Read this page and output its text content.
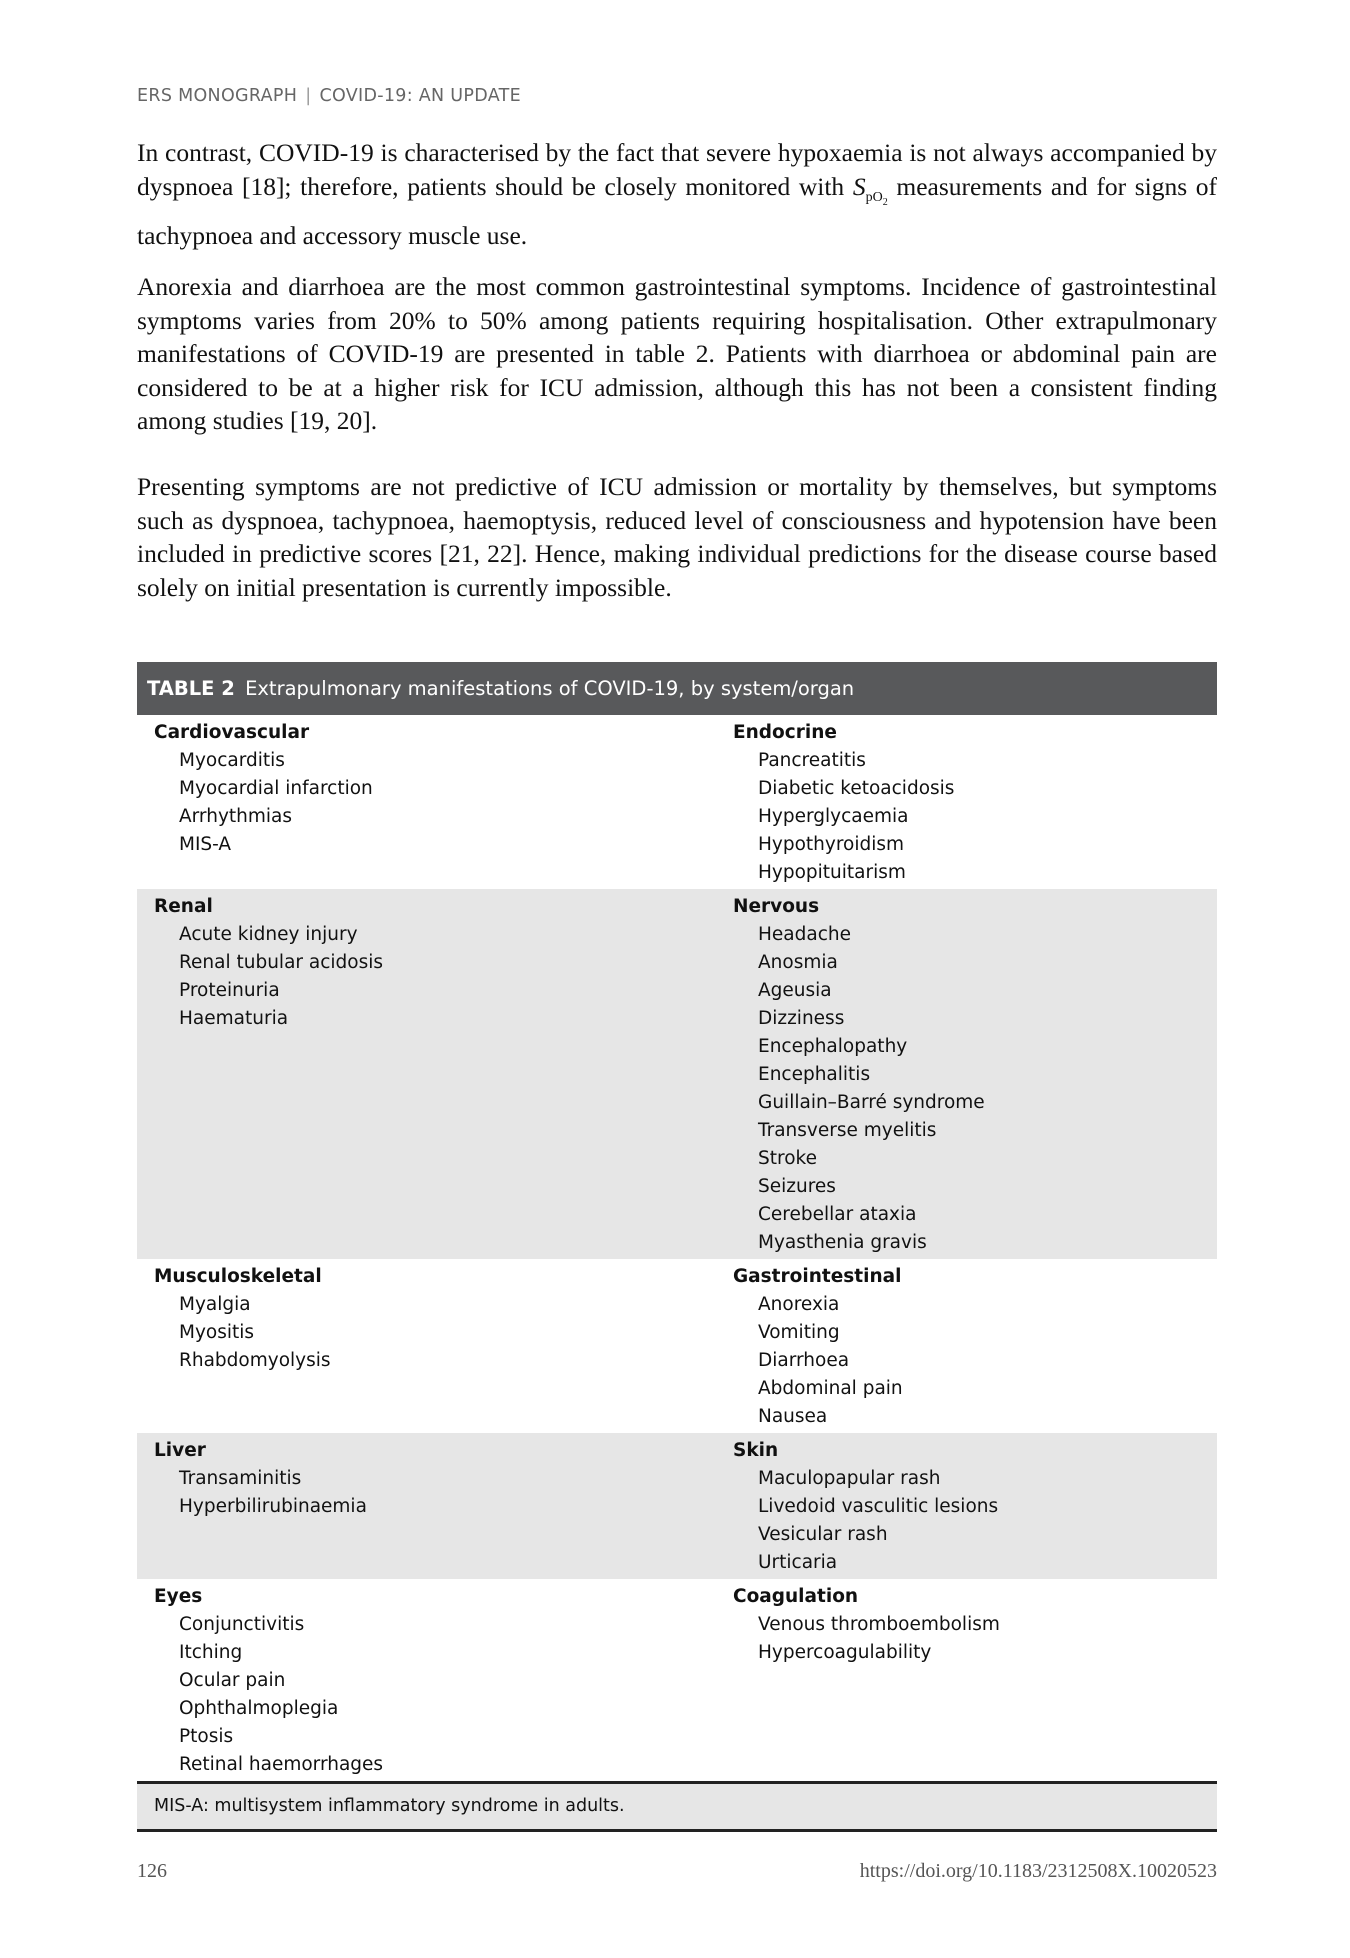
ERS MONOGRAPH | COVID-19: AN UPDATE
In contrast, COVID-19 is characterised by the fact that severe hypoxaemia is not always accompanied by dyspnoea [18]; therefore, patients should be closely monitored with $S_{pO_2}$ measurements and for signs of tachypnoea and accessory muscle use.
Anorexia and diarrhoea are the most common gastrointestinal symptoms. Incidence of gastrointestinal symptoms varies from 20% to 50% among patients requiring hospitalisation. Other extrapulmonary manifestations of COVID-19 are presented in table 2. Patients with diarrhoea or abdominal pain are considered to be at a higher risk for ICU admission, although this has not been a consistent finding among studies [19, 20].
Presenting symptoms are not predictive of ICU admission or mortality by themselves, but symptoms such as dyspnoea, tachypnoea, haemoptysis, reduced level of consciousness and hypotension have been included in predictive scores [21, 22]. Hence, making individual predictions for the disease course based solely on initial presentation is currently impossible.
TABLE 2 Extrapulmonary manifestations of COVID-19, by system/organ
Cardiovascular
Myocarditis
Myocardial infarction
Arrhythmias
MIS-A
Endocrine
Pancreatitis
Diabetic ketoacidosis
Hyperglycaemia
Hypothyroidism
Hypopituitarism
Renal
Acute kidney injury
Renal tubular acidosis
Proteinuria
Haematuria
Nervous
Headache
Anosmia
Ageusia
Dizziness
Encephalopathy
Encephalitis
Guillain–Barré syndrome
Transverse myelitis
Stroke
Seizures
Cerebellar ataxia
Myasthenia gravis
Musculoskeletal
Myalgia
Myositis
Rhabdomyolysis
Gastrointestinal
Anorexia
Vomiting
Diarrhoea
Abdominal pain
Nausea
Liver
Transaminitis
Hyperbilirubinaemia
Skin
Maculopapular rash
Livedoid vasculitic lesions
Vesicular rash
Urticaria
Eyes
Conjunctivitis
Itching
Ocular pain
Ophthalmoplegia
Ptosis
Retinal haemorrhages
Coagulation
Venous thromboembolism
Hypercoagulability
MIS-A: multisystem inflammatory syndrome in adults.
126	https://doi.org/10.1183/2312508X.10020523
